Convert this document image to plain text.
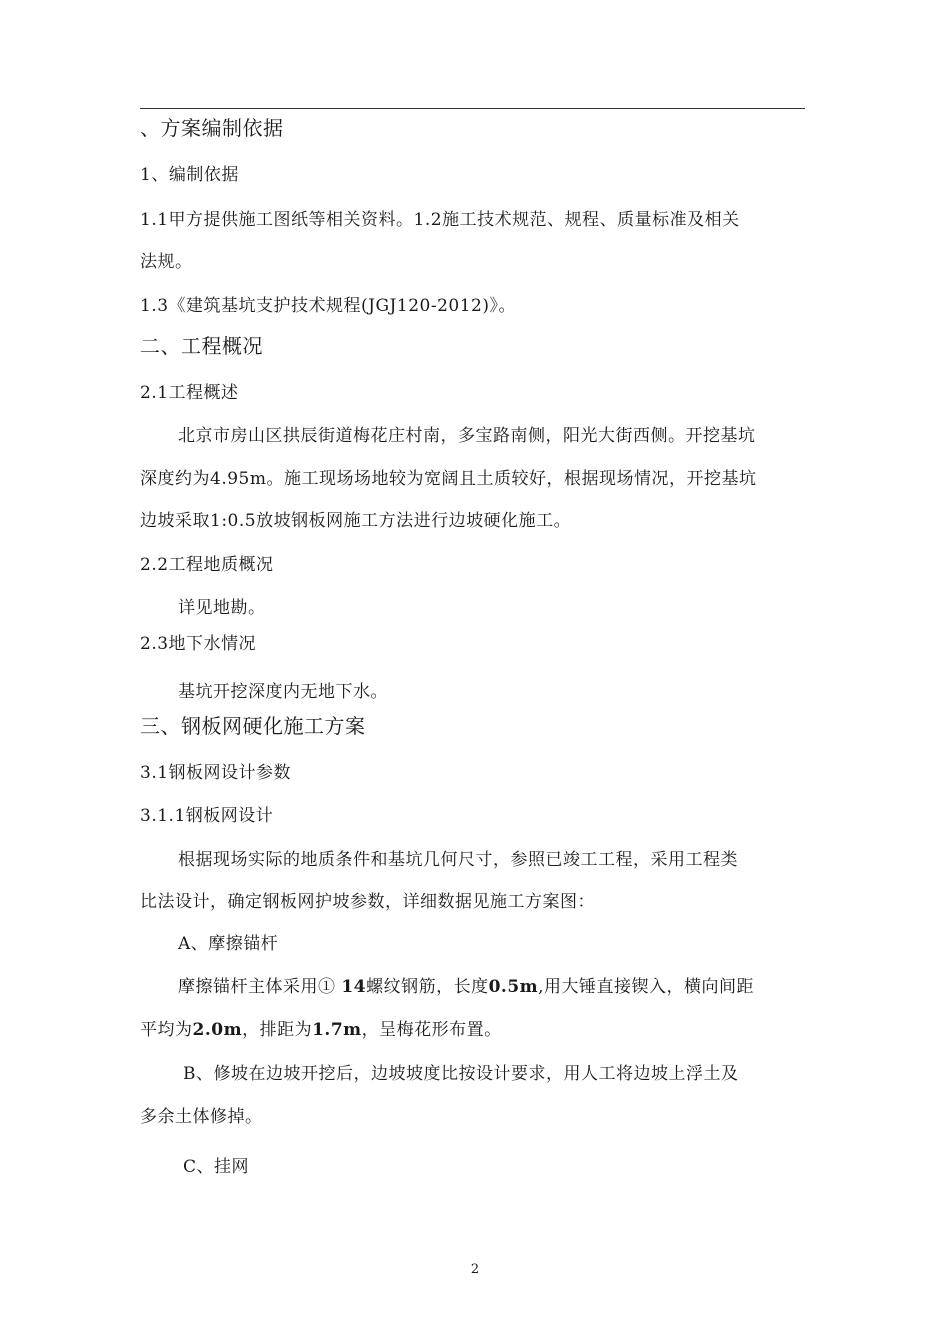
、方案编制依据
1、编制依据
1.1甲方提供施工图纸等相关资料。1.2施工技术规范、规程、质量标准及相关
法规。
1.3《建筑基坑支护技术规程(JGJ120-2012)》。
二、工程概况
2.1工程概述
北京市房山区拱辰街道梅花庄村南，多宝路南侧，阳光大街西侧。开挖基坑
深度约为4.95m。施工现场场地较为宽阔且土质较好，根据现场情况，开挖基坑
边坡采取1:0.5放坡钢板网施工方法进行边坡硬化施工。
2.2工程地质概况
详见地勘。
2.3地下水情况
基坑开挖深度内无地下水。
三、钢板网硬化施工方案
3.1钢板网设计参数
3.1.1钢板网设计
根据现场实际的地质条件和基坑几何尺寸，参照已竣工工程，采用工程类
比法设计，确定钢板网护坡参数，详细数据见施工方案图：
A、摩擦锚杆
摩擦锚杆主体采用① 14螺纹钢筋，长度0.5m,用大锤直接锲入，横向间距
平均为2.0m，排距为1.7m，呈梅花形布置。
B、修坡在边坡开挖后，边坡坡度比按设计要求，用人工将边坡上浮土及
多余土体修掉。
C、挂网
2
